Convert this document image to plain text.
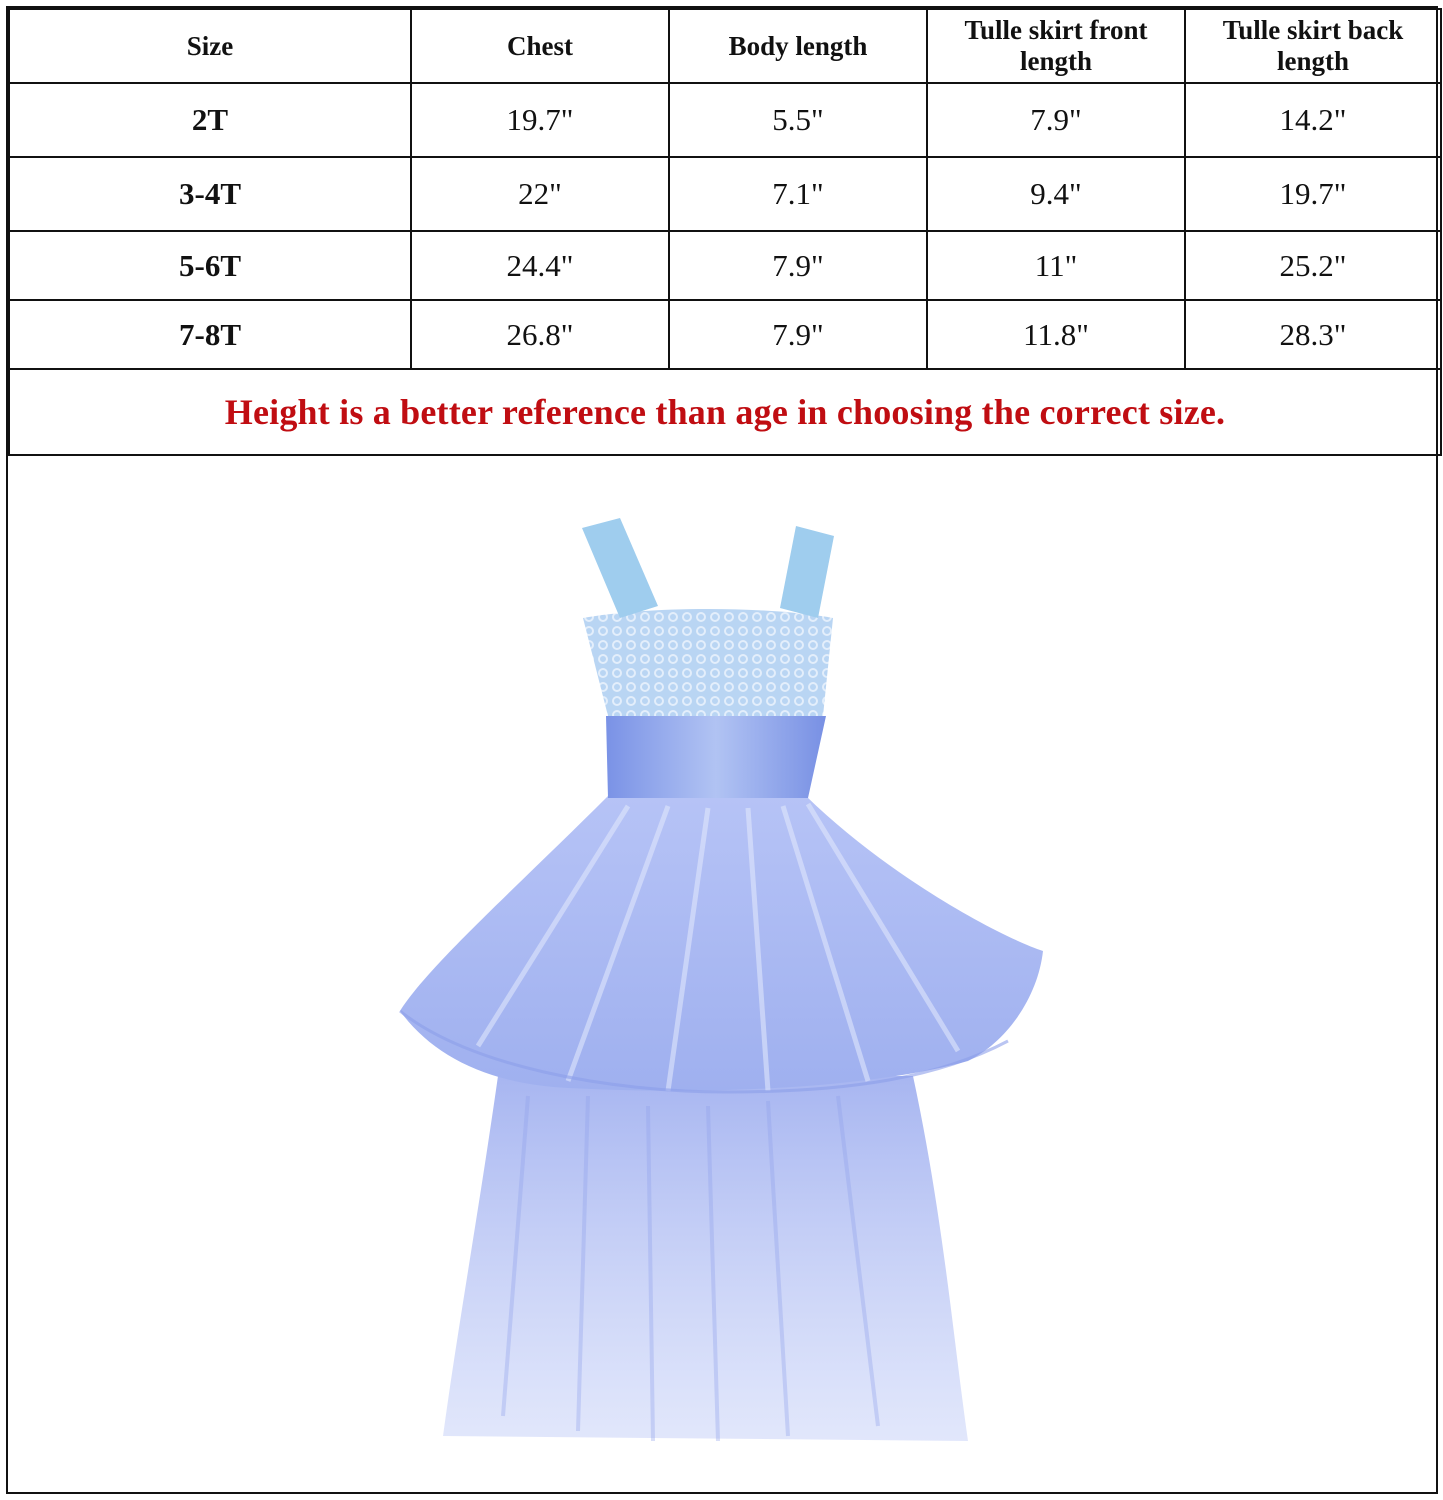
Size	Chest	Body length	Tulle skirt front length	Tulle skirt back length
2T	19.7"	5.5"	7.9"	14.2"
3-4T	22"	7.1"	9.4"	19.7"
5-6T	24.4"	7.9"	11"	25.2"
7-8T	26.8"	7.9"	11.8"	28.3"
Height is a better reference than age in choosing the correct size.				
